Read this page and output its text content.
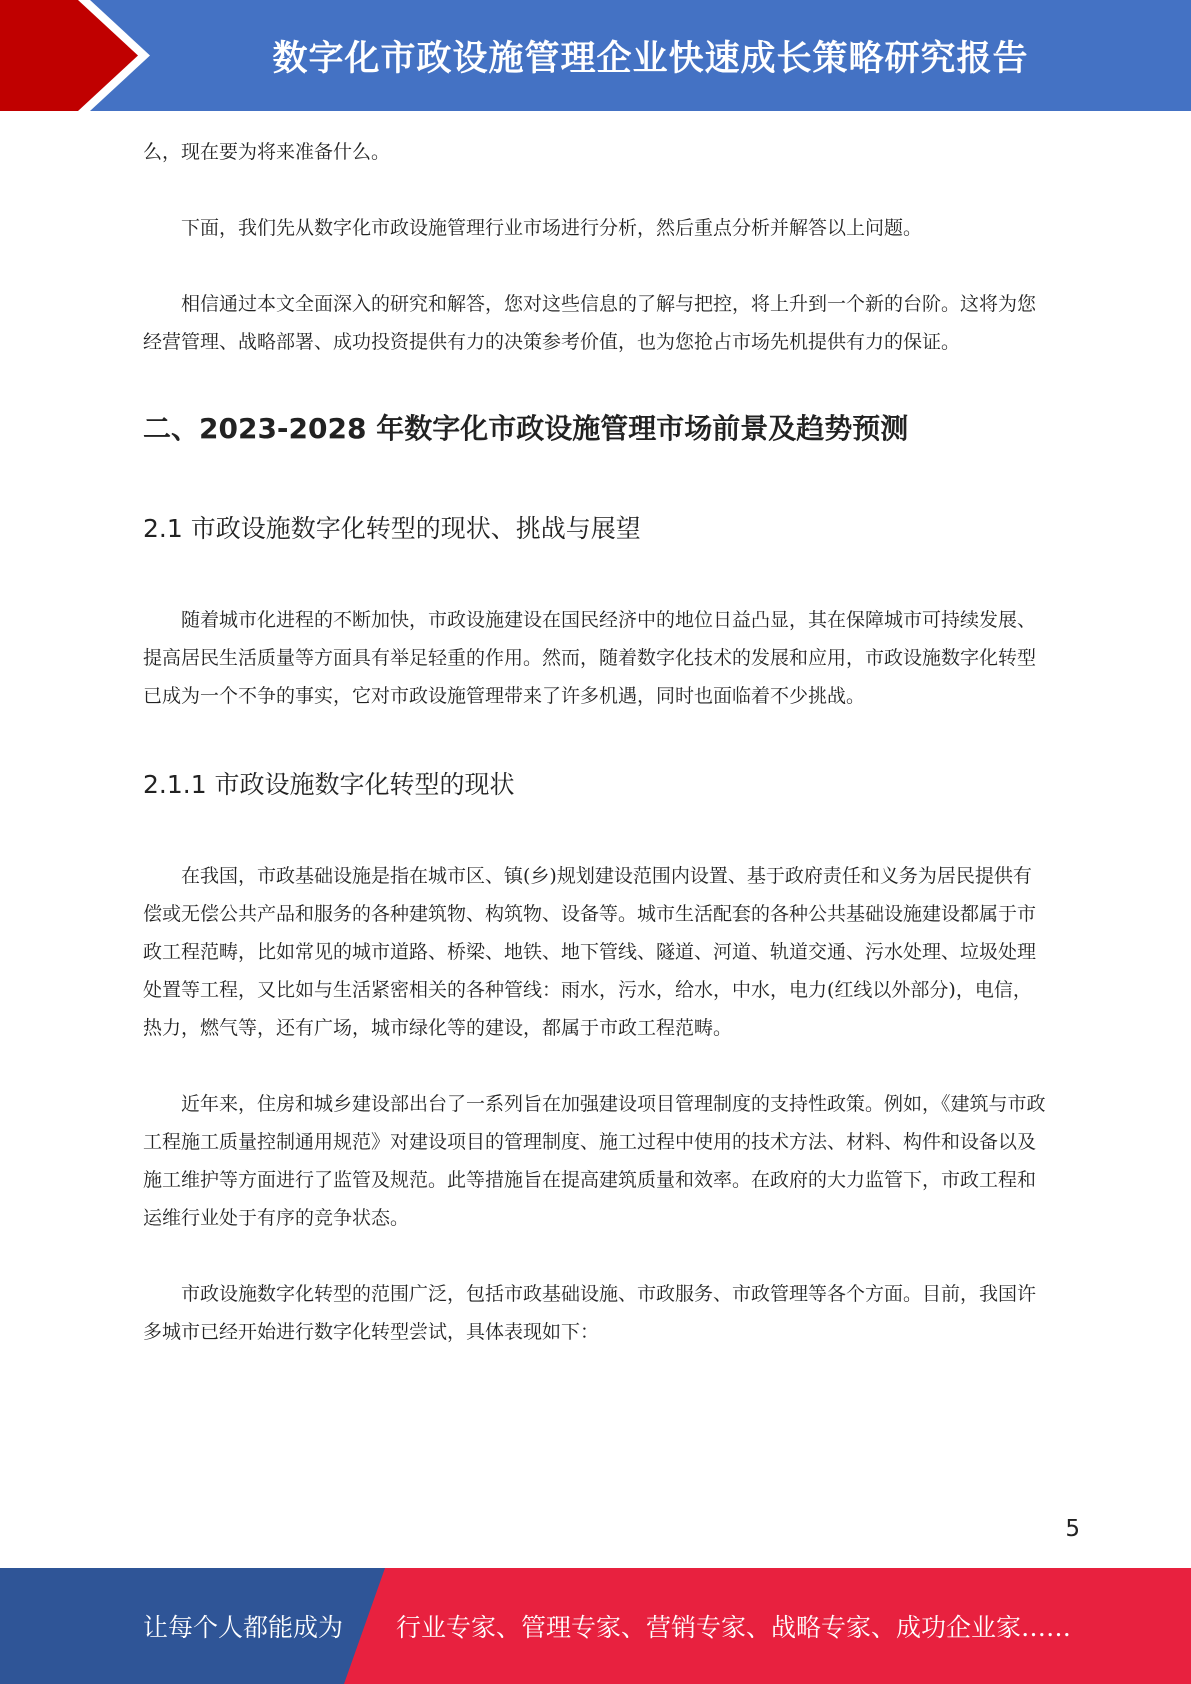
数字化市政设施管理企业快速成长策略研究报告

么，现在要为将来准备什么。

下面，我们先从数字化市政设施管理行业市场进行分析，然后重点分析并解答以上问题。

相信通过本文全面深入的研究和解答，您对这些信息的了解与把控，将上升到一个新的台阶。这将为您经营管理、战略部署、成功投资提供有力的决策参考价值，也为您抢占市场先机提供有力的保证。

二、2023-2028 年数字化市政设施管理市场前景及趋势预测
2.1 市政设施数字化转型的现状、挑战与展望

随着城市化进程的不断加快，市政设施建设在国民经济中的地位日益凸显，其在保障城市可持续发展、提高居民生活质量等方面具有举足轻重的作用。然而，随着数字化技术的发展和应用，市政设施数字化转型已成为一个不争的事实，它对市政设施管理带来了许多机遇，同时也面临着不少挑战。

2.1.1 市政设施数字化转型的现状

在我国，市政基础设施是指在城市区、镇(乡)规划建设范围内设置、基于政府责任和义务为居民提供有偿或无偿公共产品和服务的各种建筑物、构筑物、设备等。城市生活配套的各种公共基础设施建设都属于市政工程范畴，比如常见的城市道路、桥梁、地铁、地下管线、隧道、河道、轨道交通、污水处理、垃圾处理处置等工程，又比如与生活紧密相关的各种管线：雨水，污水，给水，中水，电力(红线以外部分)，电信，热力，燃气等，还有广场，城市绿化等的建设，都属于市政工程范畴。

近年来，住房和城乡建设部出台了一系列旨在加强建设项目管理制度的支持性政策。例如，《建筑与市政工程施工质量控制通用规范》对建设项目的管理制度、施工过程中使用的技术方法、材料、构件和设备以及施工维护等方面进行了监管及规范。此等措施旨在提高建筑质量和效率。在政府的大力监管下，市政工程和运维行业处于有序的竞争状态。

市政设施数字化转型的范围广泛，包括市政基础设施、市政服务、市政管理等各个方面。目前，我国许多城市已经开始进行数字化转型尝试，具体表现如下：

5
让每个人都能成为 行业专家、管理专家、营销专家、战略专家、成功企业家……
